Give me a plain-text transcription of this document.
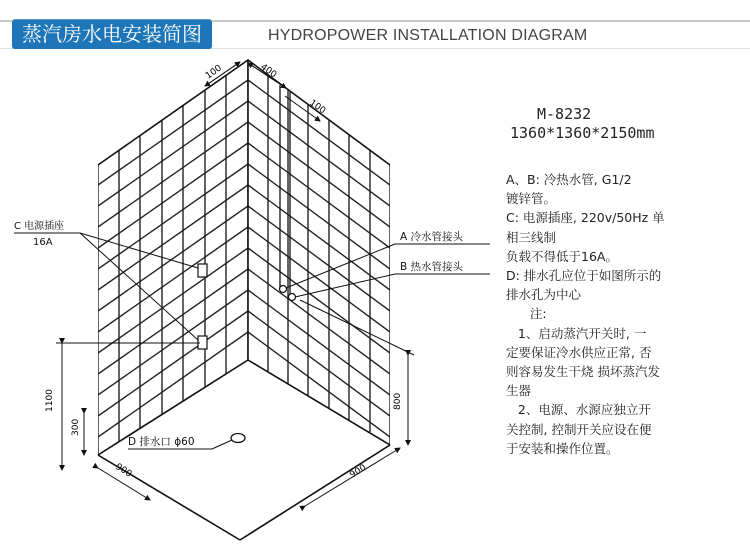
蒸汽房水电安装简图	HYDROPOWER INSTALLATION DIAGRAM
100	400
100
C 电源插座
16A	A 冷水管接头
B 热水管接头
D 排水口 ϕ60
1100
300
800
900	900
M-8232
1360*1360*2150mm

A、B: 冷热水管, G1/2

镀锌管。

C: 电源插座, 220v/50Hz 单

相三线制

负载不得低于16A。

D: 排水孔应位于如图所示的

排水孔为中心

注:

1、启动蒸汽开关时, 一

定要保证冷水供应正常, 否

则容易发生干烧 损坏蒸汽发

生器

2、电源、水源应独立开

关控制, 控制开关应设在便

于安装和操作位置。
